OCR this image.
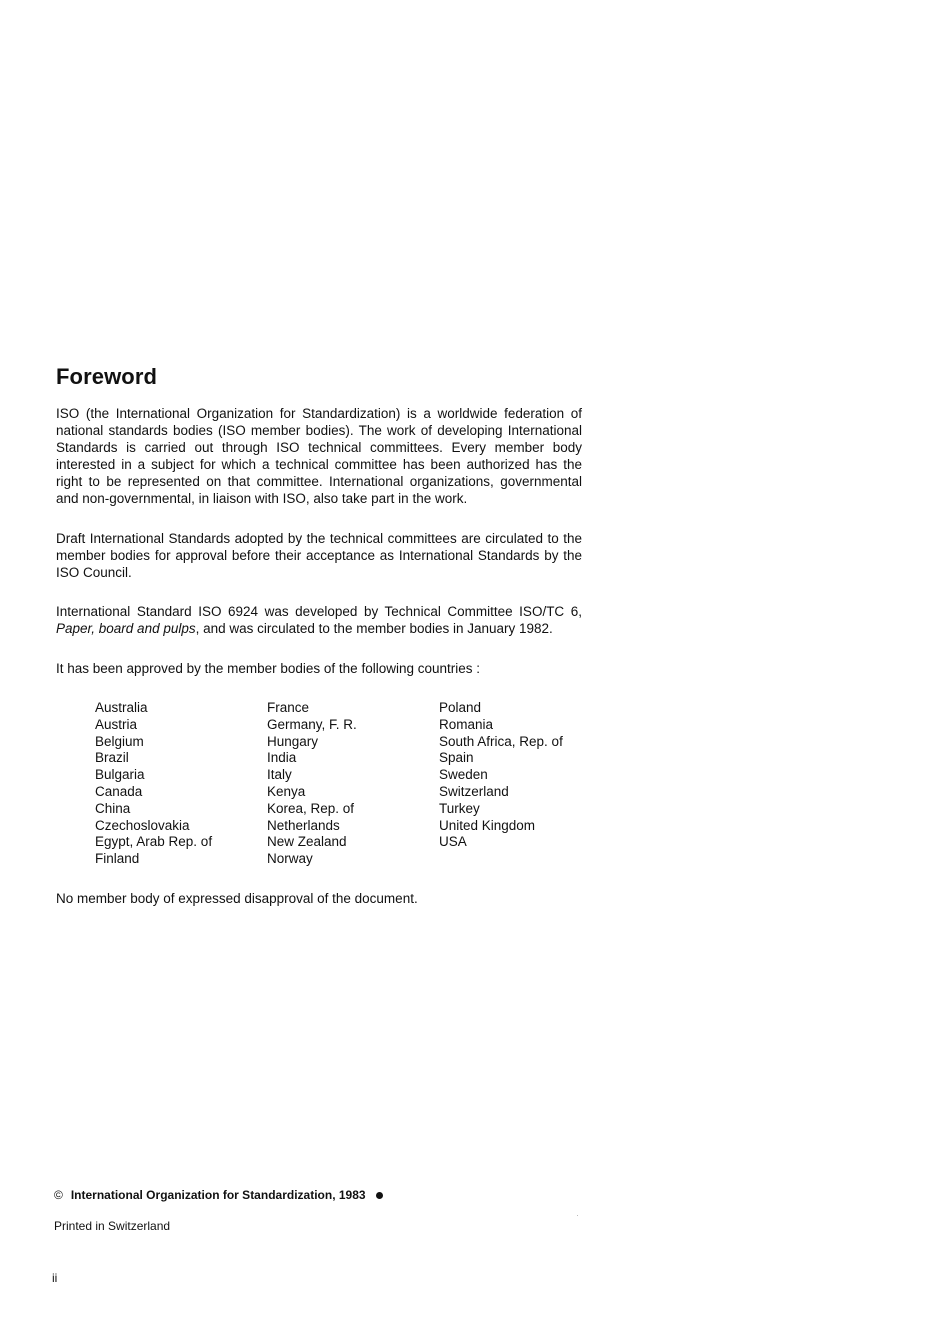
Foreword

ISO (the International Organization for Standardization) is a worldwide federation of national standards bodies (ISO member bodies). The work of developing International Standards is carried out through ISO technical committees. Every member body interested in a subject for which a technical committee has been authorized has the right to be represented on that committee. International organizations, governmental and non-governmental, in liaison with ISO, also take part in the work.

Draft International Standards adopted by the technical committees are circulated to the member bodies for approval before their acceptance as International Standards by the ISO Council.

International Standard ISO 6924 was developed by Technical Committee ISO/TC 6, Paper, board and pulps, and was circulated to the member bodies in January 1982.

It has been approved by the member bodies of the following countries :

Australia
Austria
Belgium
Brazil
Bulgaria
Canada
China
Czechoslovakia
Egypt, Arab Rep. of
Finland
France
Germany, F. R.
Hungary
India
Italy
Kenya
Korea, Rep. of
Netherlands
New Zealand
Norway
Poland
Romania
South Africa, Rep. of
Spain
Sweden
Switzerland
Turkey
United Kingdom
USA

No member body of expressed disapproval of the document.

© International Organization for Standardization, 1983
Printed in Switzerland
ii
